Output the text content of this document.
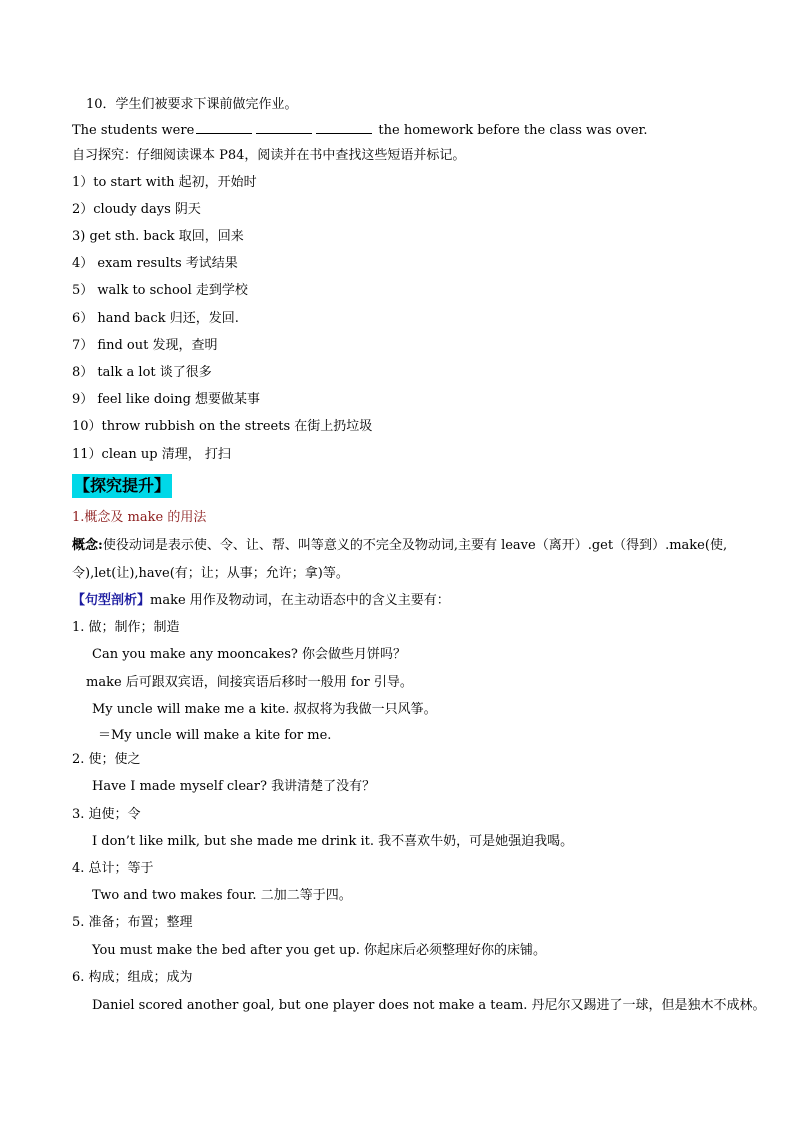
10．学生们被要求下课前做完作业。
The students were	the homework before the class was over.
自习探究：仔细阅读课本 P84，阅读并在书中查找这些短语并标记。
1）to start with 起初，开始时
2）cloudy days 阴天
3) get sth. back 取回，回来
4） exam results 考试结果
5） walk to school 走到学校
6） hand back 归还，发回.
7） find out 发现，查明
8） talk a lot 谈了很多
9） feel like doing 想要做某事
10）throw rubbish on the streets 在街上扔垃圾
11）clean up 清理， 打扫
【探究提升】
1.概念及 make 的用法
概念:使役动词是表示使、令、让、帮、叫等意义的不完全及物动词,主要有 leave（离开）.get（得到）.make(使,
令),let(让),have(有；让；从事；允许；拿)等。
【句型剖析】make 用作及物动词，在主动语态中的含义主要有：
1. 做；制作；制造
Can you make any mooncakes? 你会做些月饼吗？
make 后可跟双宾语，间接宾语后移时一般用 for 引导。
My uncle will make me a kite. 叔叔将为我做一只风筝。
＝My uncle will make a kite for me.
2. 使；使之
Have I made myself clear? 我讲清楚了没有？
3. 迫使；令
I don’t like milk, but she made me drink it. 我不喜欢牛奶，可是她强迫我喝。
4. 总计；等于
Two and two makes four. 二加二等于四。
5. 准备；布置；整理
You must make the bed after you get up. 你起床后必须整理好你的床铺。
6. 构成；组成；成为
Daniel scored another goal, but one player does not make a team. 丹尼尔又踢进了一球，但是独木不成林。
